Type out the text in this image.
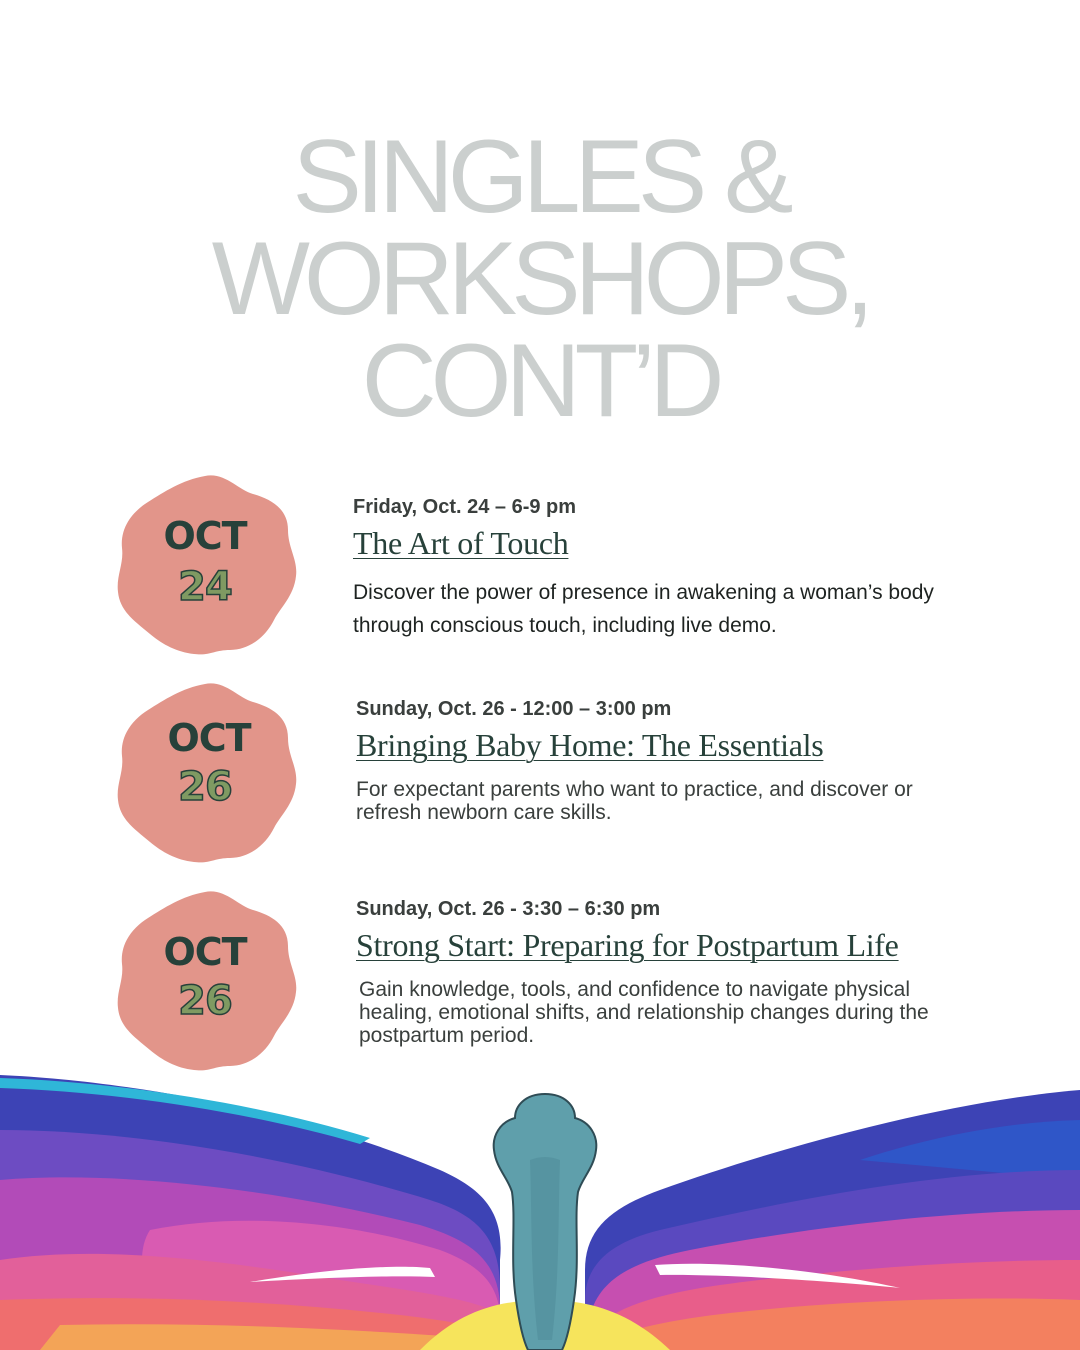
SINGLES &
WORKSHOPS,
CONT’D
OCT
24
Friday, Oct. 24 – 6-9 pm
The Art of Touch
Discover the power of presence in awakening a woman’s body through conscious touch, including live demo.
OCT
26
Sunday, Oct. 26 - 12:00 – 3:00 pm
Bringing Baby Home: The Essentials
For expectant parents who want to practice, and discover or refresh newborn care skills.
OCT
26
Sunday, Oct. 26 - 3:30 – 6:30 pm
Strong Start: Preparing for Postpartum Life
Gain knowledge, tools, and confidence to navigate physical healing, emotional shifts, and relationship changes during the postpartum period.
